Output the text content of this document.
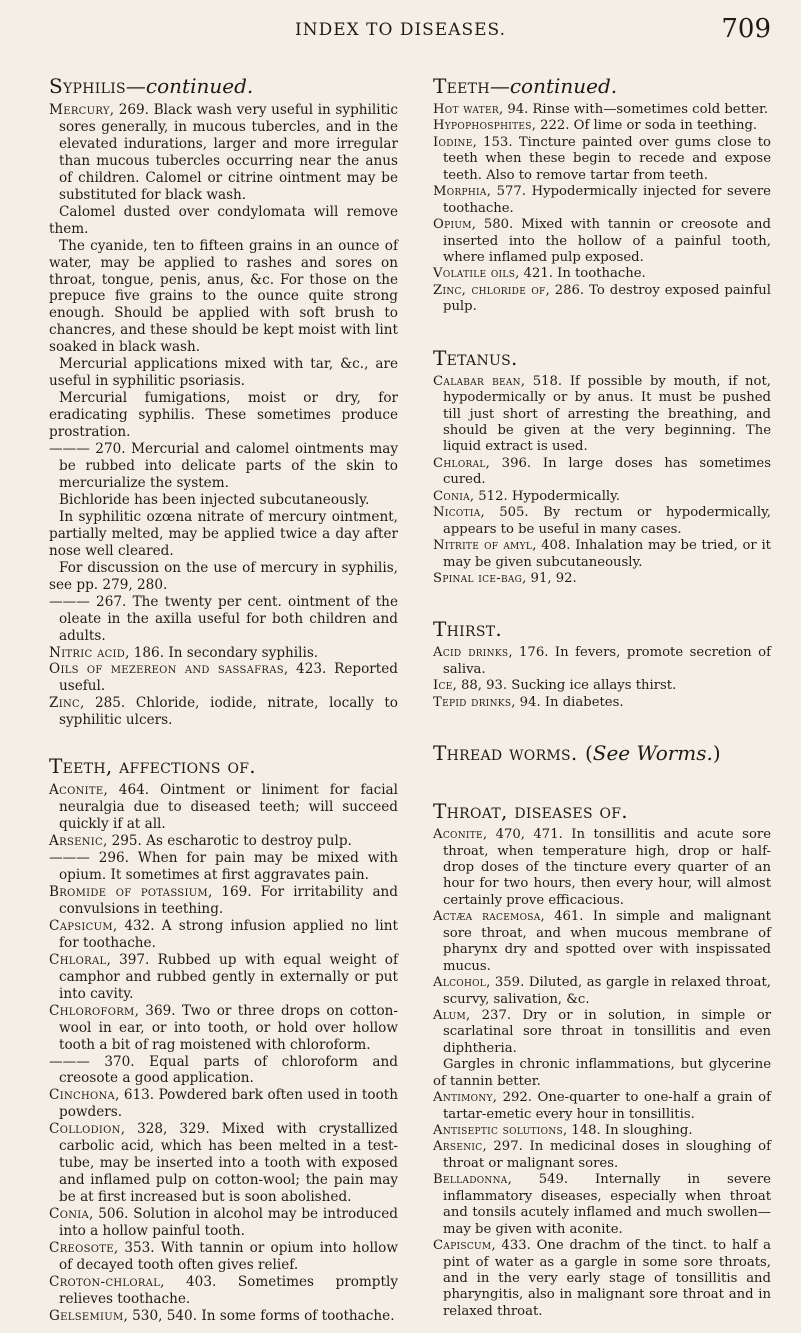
INDEX TO DISEASES.	709
Syphilis—continued.

Mercury, 269. Black wash very useful in syphilitic sores generally, in mucous tubercles, and in the elevated indurations, larger and more irregular than mucous tubercles occurring near the anus of children. Calomel or citrine ointment may be substituted for black wash.

Calomel dusted over condylomata will remove them.

The cyanide, ten to fifteen grains in an ounce of water, may be applied to rashes and sores on throat, tongue, penis, anus, &c. For those on the prepuce five grains to the ounce quite strong enough. Should be applied with soft brush to chancres, and these should be kept moist with lint soaked in black wash.

Mercurial applications mixed with tar, &c., are useful in syphilitic psoriasis.

Mercurial fumigations, moist or dry, for eradicating syphilis. These sometimes produce prostration.

——— 270. Mercurial and calomel ointments may be rubbed into delicate parts of the skin to mercurialize the system.

Bichloride has been injected subcutaneously.

In syphilitic ozœna nitrate of mercury ointment, partially melted, may be applied twice a day after nose well cleared.

For discussion on the use of mercury in syphilis, see pp. 279, 280.

——— 267. The twenty per cent. ointment of the oleate in the axilla useful for both children and adults.

Nitric acid, 186. In secondary syphilis.

Oils of mezereon and sassafras, 423. Reported useful.

Zinc, 285. Chloride, iodide, nitrate, locally to syphilitic ulcers.

Teeth, affections of.

Aconite, 464. Ointment or liniment for facial neuralgia due to diseased teeth; will succeed quickly if at all.

Arsenic, 295. As escharotic to destroy pulp.

——— 296. When for pain may be mixed with opium. It sometimes at first aggravates pain.

Bromide of potassium, 169. For irritability and convulsions in teething.

Capsicum, 432. A strong infusion applied no lint for toothache.

Chloral, 397. Rubbed up with equal weight of camphor and rubbed gently in externally or put into cavity.

Chloroform, 369. Two or three drops on cotton-wool in ear, or into tooth, or hold over hollow tooth a bit of rag moistened with chloroform.

——— 370. Equal parts of chloroform and creosote a good application.

Cinchona, 613. Powdered bark often used in tooth powders.

Collodion, 328, 329. Mixed with crystallized carbolic acid, which has been melted in a test-tube, may be inserted into a tooth with exposed and inflamed pulp on cotton-wool; the pain may be at first increased but is soon abolished.

Conia, 506. Solution in alcohol may be introduced into a hollow painful tooth.

Creosote, 353. With tannin or opium into hollow of decayed tooth often gives relief.

Croton-chloral, 403. Sometimes promptly relieves toothache.

Gelsemium, 530, 540. In some forms of toothache.

Teeth—continued.

Hot water, 94. Rinse with—sometimes cold better.

Hypophosphites, 222. Of lime or soda in teething.

Iodine, 153. Tincture painted over gums close to teeth when these begin to recede and expose teeth. Also to remove tartar from teeth.

Morphia, 577. Hypodermically injected for severe toothache.

Opium, 580. Mixed with tannin or creosote and inserted into the hollow of a painful tooth, where inflamed pulp exposed.

Volatile oils, 421. In toothache.

Zinc, chloride of, 286. To destroy exposed painful pulp.

Tetanus.

Calabar bean, 518. If possible by mouth, if not, hypodermically or by anus. It must be pushed till just short of arresting the breathing, and should be given at the very beginning. The liquid extract is used.

Chloral, 396. In large doses has sometimes cured.

Conia, 512. Hypodermically.

Nicotia, 505. By rectum or hypodermically, appears to be useful in many cases.

Nitrite of amyl, 408. Inhalation may be tried, or it may be given subcutaneously.

Spinal ice-bag, 91, 92.

Thirst.

Acid drinks, 176. In fevers, promote secretion of saliva.

Ice, 88, 93. Sucking ice allays thirst.

Tepid drinks, 94. In diabetes.

Thread worms. (See Worms.)
Throat, diseases of.

Aconite, 470, 471. In tonsillitis and acute sore throat, when temperature high, drop or half-drop doses of the tincture every quarter of an hour for two hours, then every hour, will almost certainly prove efficacious.

Actæa racemosa, 461. In simple and malignant sore throat, and when mucous membrane of pharynx dry and spotted over with inspissated mucus.

Alcohol, 359. Diluted, as gargle in relaxed throat, scurvy, salivation, &c.

Alum, 237. Dry or in solution, in simple or scarlatinal sore throat in tonsillitis and even diphtheria.

Gargles in chronic inflammations, but glycerine of tannin better.

Antimony, 292. One-quarter to one-half a grain of tartar-emetic every hour in tonsillitis.

Antiseptic solutions, 148. In sloughing.

Arsenic, 297. In medicinal doses in sloughing of throat or malignant sores.

Belladonna, 549. Internally in severe inflammatory diseases, especially when throat and tonsils acutely inflamed and much swollen—may be given with aconite.

Capiscum, 433. One drachm of the tinct. to half a pint of water as a gargle in some sore throats, and in the very early stage of tonsillitis and pharyngitis, also in malignant sore throat and in relaxed throat.
